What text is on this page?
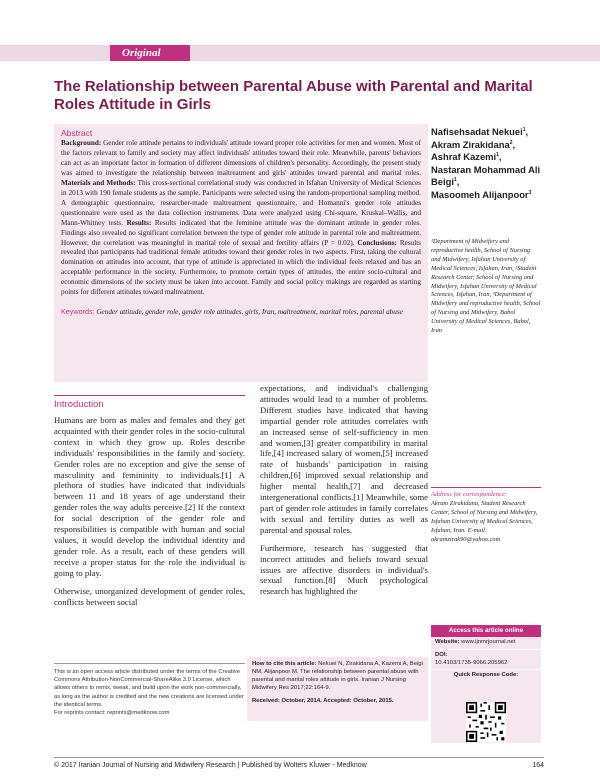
Original Article
The Relationship between Parental Abuse with Parental and Marital Roles Attitude in Girls
Abstract
Background: Gender role attitude pertains to individuals' attitude toward proper role activities for men and women. Most of the factors relevant to family and society may affect individuals' attitudes toward their role. Meanwhile, parents' behaviors can act as an important factor in formation of different dimensions of children's personality. Accordingly, the present study was aimed to investigate the relationship between maltreatment and girls' attitudes toward parental and marital roles. Materials and Methods: This cross-sectional correlational study was conducted in Isfahan University of Medical Sciences in 2013 with 190 female students as the sample. Participants were selected using the random-proportional sampling method. A demographic questionnaire, researcher-made maltreatment questionnaire, and Homanni's gender role attitudes questionnaire were used as the data collection instruments. Data were analyzed using Chi-square, Kruskal–Wallis, and Mann-Whitney tests. Results: Results indicated that the feminine attitude was the dominant attitude in gender roles. Findings also revealed no significant correlation between the type of gender role attitude in parental role and maltreatment. However, the correlation was meaningful in marital role of sexual and fertility affairs (P = 0.02). Conclusions: Results revealed that participants had traditional female attitudes toward their gender roles in two aspects. First, taking the cultural domination on attitudes into account, that type of attitude is appreciated in which the individual feels relaxed and has an acceptable performance in the society. Furthermore, to promote certain types of attitudes, the entire socio-cultural and economic dimensions of the society must be taken into account. Family and social policy makings are regarded as starting points for different attitudes toward maltreatment.
Keywords: Gender attitude, gender role, gender role attitudes, girls, Iran, maltreatment, marital roles, parental abuse
Nafisehsadat Nekuei$^1$,
Akram Zirakidana$^2$,
Ashraf Kazemi$^1$,
Nastaran Mohammad Ali Beigi$^1$,
Masoomeh Alijanpoor$^3$
¹Department of Midwifery and reproductive health, School of Nursing and Midwifery, Isfahan University of Medical Sciences, Isfahan, Iran, ²Student Research Center, School of Nursing and Midwifery, Isfahan University of Medical Sciences, Isfahan, Iran, ³Department of Midwifery and reproductive health, School of Nursing and Midwifery, Babol University of Medical Sciences, Babol, Iran
Introduction

Humans are born as males and females and they get acquainted with their gender roles in the socio-cultural context in which they grow up. Roles describe individuals' responsibilities in the family and society. Gender roles are no exception and give the sense of masculinity and femininity to individuals.[1] A plethora of studies have indicated that individuals between 11 and 18 years of age understand their gender roles the way adults perceive.[2] If the context for social description of the gender role and responsibilities is compatible with human and social values, it would develop the individual identity and gender role. As a result, each of these genders will receive a proper status for the role the individual is going to play.

Otherwise, unorganized development of gender roles, conflicts between social

expectations, and individual's challenging attitudes would lead to a number of problems. Different studies have indicated that having impartial gender role attitudes correlates with an increased sense of self-sufficiency in men and women,[3] greater compatibility in marital life,[4] increased salary of women,[5] increased rate of husbands' participation in raising children,[6] improved sexual relationship and higher mental health,[7] and decreased intergenerational conflicts.[1] Meanwhile, some part of gender role attitudes in family correlates with sexual and fertility duties as well as parental and spousal roles.

Furthermore, research has suggested that incorrect attitudes and beliefs toward sexual issues are affective disorders in individual's sexual function.[8] Much psychological research has highlighted the

This is an open access article distributed under the terms of the Creative Commons Attribution-NonCommercial-ShareAlike 3.0 License, which allows others to remix, tweak, and build upon the work non-commercially, as long as the author is credited and the new creations are licensed under the identical terms.
For reprints contact: reprints@medknow.com
How to cite this article: Nekuei N, Zirakidana A, Kazemi A, Beigi NM, Alijanpoor M. The relationship between parental abuse with parental and marital roles attitude in girls. Iranian J Nursing Midwifery Res 2017;22:164-9.
Received: October, 2014. Accepted: October, 2015.
Address for correspondence:
Akram Zirakidana, Student Research Center, School of Nursing and Midwifery, Isfahan University of Medical Sciences, Isfahan, Iran. E-mail: akramzirak90@yahoo.com
Access this article online
Website: www.ijnmrjournal.net
DOI:
10.4103/1735-9066.205962
Quick Response Code:
© 2017 Iranian Journal of Nursing and Midwifery Research | Published by Wolters Kluwer - Medknow	164
